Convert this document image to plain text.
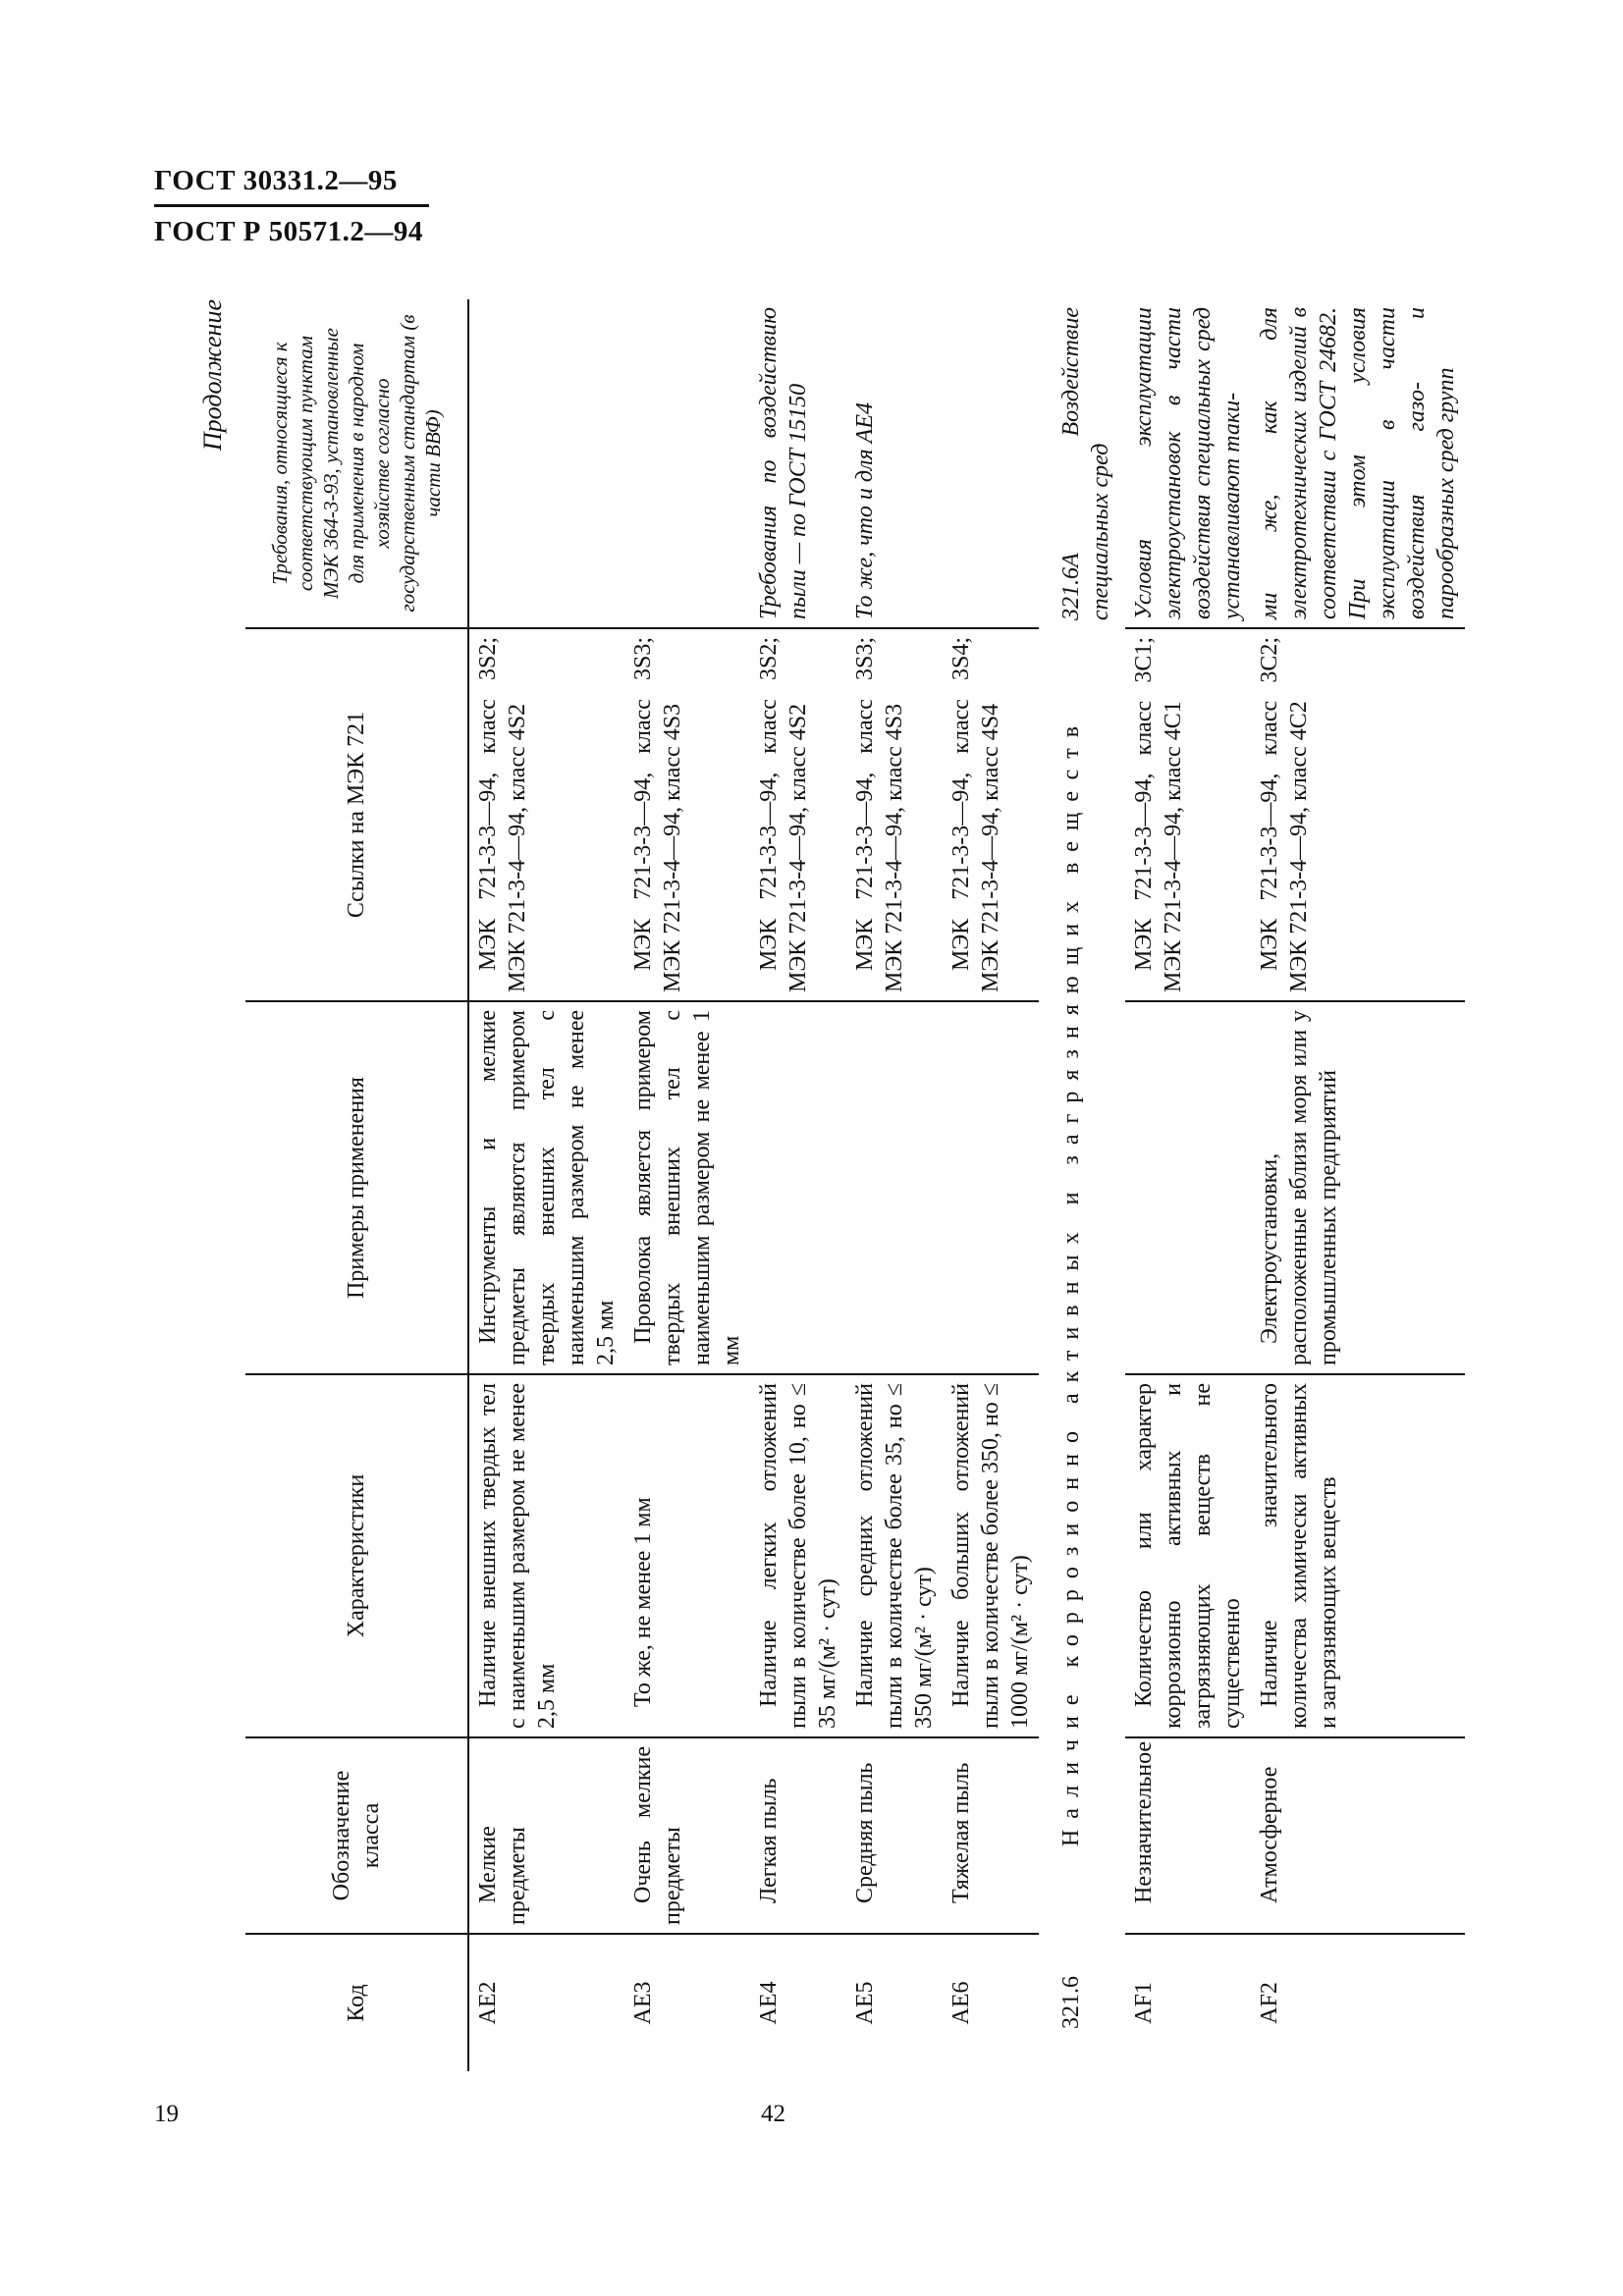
ГОСТ 30331.2—95
ГОСТ Р 50571.2—94
Продолжение
Код	Обозначение класса	Характеристики	Примеры применения	Ссылки на МЭК 721	Требования, относящиеся к соответствующим пунктам МЭК 364-3-93, установленные для применения в народном хозяйстве согласно государственным стандартам (в части ВВФ)
AE2	Мелкие предметы	Наличие внешних твердых тел с наименьшим размером не менее 2,5 мм	Инструменты и мелкие предметы являются примером твердых внешних тел с наименьшим размером не менее 2,5 мм	МЭК 721-3-3—94, класс 3S2; МЭК 721-3-4—94, класс 4S2	
AE3	Очень мелкие предметы	То же, не менее 1 мм	Проволока является примером твердых внешних тел с наименьшим размером не менее 1 мм	МЭК 721-3-3—94, класс 3S3; МЭК 721-3-4—94, класс 4S3	
AE4	Легкая пыль	Наличие легких отложений пыли в количестве более 10, но ≤ 35 мг/(м² · сут)		МЭК 721-3-3—94, класс 3S2; МЭК 721-3-4—94, класс 4S2	Требования по воздействию пыли — по ГОСТ 15150
AE5	Средняя пыль	Наличие средних отложений пыли в количестве более 35, но ≤ 350 мг/(м² · сут)		МЭК 721-3-3—94, класс 3S3; МЭК 721-3-4—94, класс 4S3	То же, что и для AE4
AE6	Тяжелая пыль	Наличие больших отложений пыли в количестве более 350, но ≤ 1000 мг/(м² · сут)		МЭК 721-3-3—94, класс 3S4; МЭК 721-3-4—94, класс 4S4	
321.6	Наличие коррозионно активных и загрязняющих веществ				321.6А Воздействие специальных сред
AF1	Незначительное	Количество или характер коррозионно активных и загрязняющих веществ не существенно		МЭК 721-3-3—94, класс 3C1; МЭК 721-3-4—94, класс 4C1	Условия эксплуатации электроустановок в части воздействия специальных сред устанавливают таки-
AF2	Атмосферное	Наличие значительного количества химически активных и загрязняющих веществ	Электроустановки, расположенные вблизи моря или у промышленных предприятий	МЭК 721-3-3—94, класс 3C2; МЭК 721-3-4—94, класс 4C2	ми же, как для электротехнических изделий в соответствии с ГОСТ 24682. При этом условия эксплуатации в части воздействия газо- и парообразных сред групп
19	42
